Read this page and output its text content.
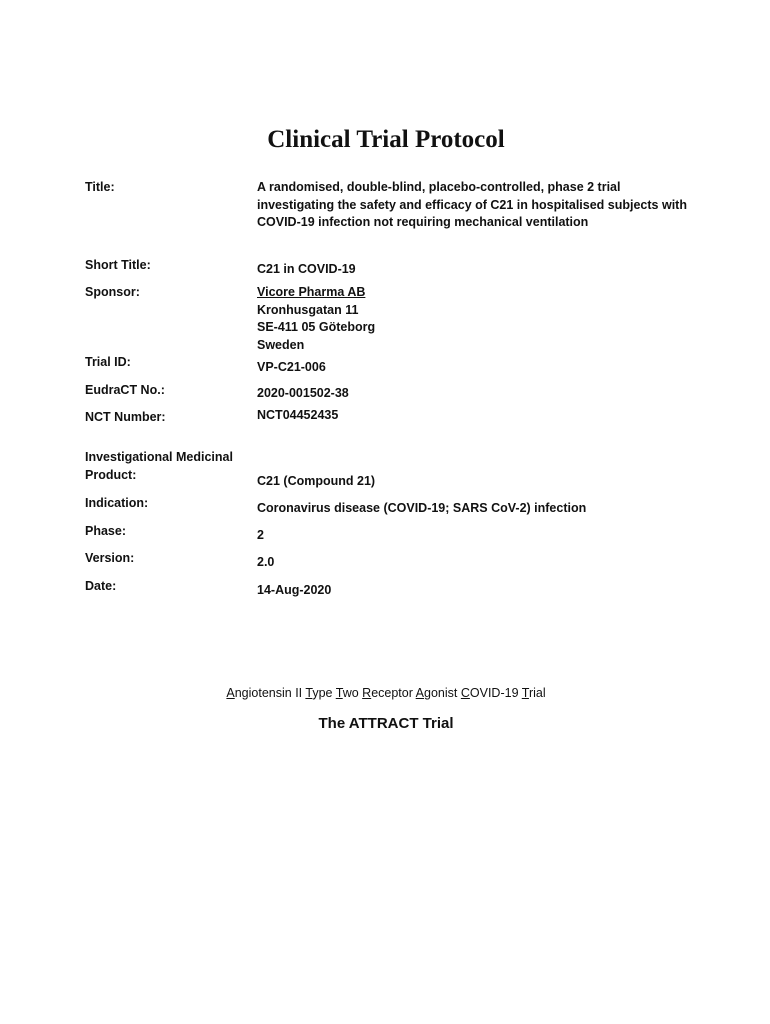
Clinical Trial Protocol

Title:	A randomised, double-blind, placebo-controlled, phase 2 trial
investigating the safety and efficacy of C21 in hospitalised subjects with
COVID-19 infection not requiring mechanical ventilation

Short Title:	C21 in COVID-19

Sponsor:	Vicore Pharma AB
Kronhusgatan 11
SE-411 05 Göteborg
Sweden

Trial ID:	VP-C21-006

EudraCT No.:	2020-001502-38

NCT Number:	NCT04452435

Investigational Medicinal
Product:	C21 (Compound 21)

Indication:	Coronavirus disease (COVID-19; SARS CoV-2) infection

Phase:	2

Version:	2.0

Date:	14-Aug-2020

Angiotensin II Type Two Receptor Agonist COVID-19 Trial

The ATTRACT Trial
